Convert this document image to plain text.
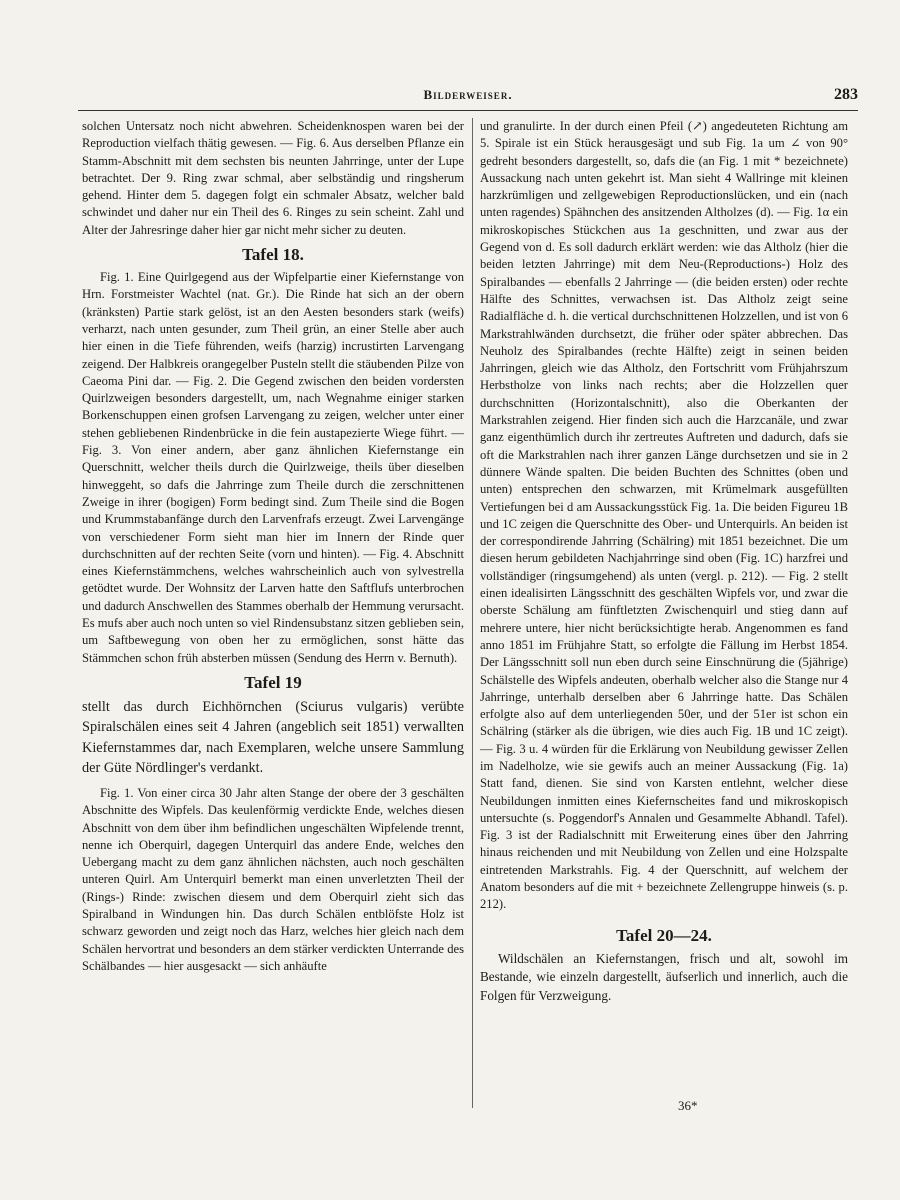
Bilderweiser.	283

solchen Untersatz noch nicht abwehren. Scheidenknospen waren bei der Reproduction vielfach thätig gewesen. — Fig. 6. Aus derselben Pflanze ein Stamm-Abschnitt mit dem sechsten bis neunten Jahrringe, unter der Lupe betrachtet. Der 9. Ring zwar schmal, aber selbständig und ringsherum gehend. Hinter dem 5. dagegen folgt ein schmaler Absatz, welcher bald schwindet und daher nur ein Theil des 6. Ringes zu sein scheint. Zahl und Alter der Jahresringe daher hier gar nicht mehr sicher zu deuten.

Tafel 18.

Fig. 1. Eine Quirlgegend aus der Wipfelpartie einer Kiefernstange von Hrn. Forstmeister Wachtel (nat. Gr.). Die Rinde hat sich an der obern (kränksten) Partie stark gelöst, ist an den Aesten besonders stark (weifs) verharzt, nach unten gesunder, zum Theil grün, an einer Stelle aber auch hier einen in die Tiefe führenden, weifs (harzig) incrustirten Larvengang zeigend. Der Halbkreis orangegelber Pusteln stellt die stäubenden Pilze von Caeoma Pini dar. — Fig. 2. Die Gegend zwischen den beiden vordersten Quirlzweigen besonders dargestellt, um, nach Wegnahme einiger starken Borkenschuppen einen grofsen Larvengang zu zeigen, welcher unter einer stehen gebliebenen Rindenbrücke in die fein austapezierte Wiege führt. — Fig. 3. Von einer andern, aber ganz ähnlichen Kiefernstange ein Querschnitt, welcher theils durch die Quirlzweige, theils über dieselben hinweggeht, so dafs die Jahrringe zum Theile durch die zerschnittenen Zweige in ihrer (bogigen) Form bedingt sind. Zum Theile sind die Bogen und Krummstabanfänge durch den Larvenfrafs erzeugt. Zwei Larvengänge von verschiedener Form sieht man hier im Innern der Rinde quer durchschnitten auf der rechten Seite (vorn und hinten). — Fig. 4. Abschnitt eines Kiefernstämmchens, welches wahrscheinlich auch von sylvestrella getödtet wurde. Der Wohnsitz der Larven hatte den Saftflufs unterbrochen und dadurch Anschwellen des Stammes oberhalb der Hemmung verursacht. Es mufs aber auch noch unten so viel Rindensubstanz sitzen geblieben sein, um Saftbewegung von oben her zu ermöglichen, sonst hätte das Stämmchen schon früh absterben müssen (Sendung des Herrn v. Bernuth).

Tafel 19

stellt das durch Eichhörnchen (Sciurus vulgaris) verübte Spiralschälen eines seit 4 Jahren (angeblich seit 1851) verwallten Kiefernstammes dar, nach Exemplaren, welche unsere Sammlung der Güte Nördlinger's verdankt.

Fig. 1. Von einer circa 30 Jahr alten Stange der obere der 3 geschälten Abschnitte des Wipfels. Das keulenförmig verdickte Ende, welches diesen Abschnitt von dem über ihm befindlichen ungeschälten Wipfelende trennt, nenne ich Oberquirl, dagegen Unterquirl das andere Ende, welches den Uebergang macht zu dem ganz ähnlichen nächsten, auch noch geschälten unteren Quirl. Am Unterquirl bemerkt man einen unverletzten Theil der (Rings-) Rinde: zwischen diesem und dem Oberquirl zieht sich das Spiralband in Windungen hin. Das durch Schälen entblöfste Holz ist schwarz geworden und zeigt noch das Harz, welches hier gleich nach dem Schälen hervortrat und besonders an dem stärker verdickten Unterrande des Schälbandes — hier ausgesackt — sich anhäufte

und granulirte. In der durch einen Pfeil (↗) angedeuteten Richtung am 5. Spirale ist ein Stück herausgesägt und sub Fig. 1a um ∠ von 90° gedreht besonders dargestellt, so, dafs die (an Fig. 1 mit * bezeichnete) Aussackung nach unten gekehrt ist. Man sieht 4 Wallringe mit kleinen harzkrümligen und zellgewebigen Reproductionslücken, und ein (nach unten ragendes) Spähnchen des ansitzenden Altholzes (d). — Fig. 1α ein mikroskopisches Stückchen aus 1a geschnitten, und zwar aus der Gegend von d. Es soll dadurch erklärt werden: wie das Altholz (hier die beiden letzten Jahrringe) mit dem Neu-(Reproductions-) Holz des Spiralbandes — ebenfalls 2 Jahrringe — (die beiden ersten) oder rechte Hälfte des Schnittes, verwachsen ist. Das Altholz zeigt seine Radialfläche d. h. die vertical durchschnittenen Holzzellen, und ist von 6 Markstrahlwänden durchsetzt, die früher oder später abbrechen. Das Neuholz des Spiralbandes (rechte Hälfte) zeigt in seinen beiden Jahrringen, gleich wie das Altholz, den Fortschritt vom Frühjahrszum Herbstholze von links nach rechts; aber die Holzzellen quer durchschnitten (Horizontalschnitt), also die Oberkanten der Markstrahlen zeigend. Hier finden sich auch die Harzcanäle, und zwar ganz eigenthümlich durch ihr zertreutes Auftreten und dadurch, dafs sie oft die Markstrahlen nach ihrer ganzen Länge durchsetzen und sie in 2 dünnere Wände spalten. Die beiden Buchten des Schnittes (oben und unten) entsprechen den schwarzen, mit Krümelmark ausgefüllten Vertiefungen bei d am Aussackungsstück Fig. 1a. Die beiden Figureu 1B und 1C zeigen die Querschnitte des Ober- und Unterquirls. An beiden ist der correspondirende Jahrring (Schälring) mit 1851 bezeichnet. Die um diesen herum gebildeten Nachjahrringe sind oben (Fig. 1C) harzfrei und vollständiger (ringsumgehend) als unten (vergl. p. 212). — Fig. 2 stellt einen idealisirten Längsschnitt des geschälten Wipfels vor, und zwar die oberste Schälung am fünftletzten Zwischenquirl und stieg dann auf mehrere untere, hier nicht berücksichtigte herab. Angenommen es fand anno 1851 im Frühjahre Statt, so erfolgte die Fällung im Herbst 1854. Der Längsschnitt soll nun eben durch seine Einschnürung die (5jährige) Schälstelle des Wipfels andeuten, oberhalb welcher also die Stange nur 4 Jahrringe, unterhalb derselben aber 6 Jahrringe hatte. Das Schälen erfolgte also auf dem unterliegenden 50er, und der 51er ist schon ein Schälring (stärker als die übrigen, wie dies auch Fig. 1B und 1C zeigt). — Fig. 3 u. 4 würden für die Erklärung von Neubildung gewisser Zellen im Nadelholze, wie sie gewifs auch an meiner Aussackung (Fig. 1a) Statt fand, dienen. Sie sind von Karsten entlehnt, welcher diese Neubildungen inmitten eines Kiefernscheites fand und mikroskopisch untersuchte (s. Poggendorf's Annalen und Gesammelte Abhandl. Tafel). Fig. 3 ist der Radialschnitt mit Erweiterung eines über den Jahrring hinaus reichenden und mit Neubildung von Zellen und eine Holzspalte eintretenden Markstrahls. Fig. 4 der Querschnitt, auf welchem der Anatom besonders auf die mit + bezeichnete Zellengruppe hinweis (s. p. 212).

Tafel 20—24.

Wildschälen an Kiefernstangen, frisch und alt, sowohl im Bestande, wie einzeln dargestellt, äufserlich und innerlich, auch die Folgen für Verzweigung.

36*
